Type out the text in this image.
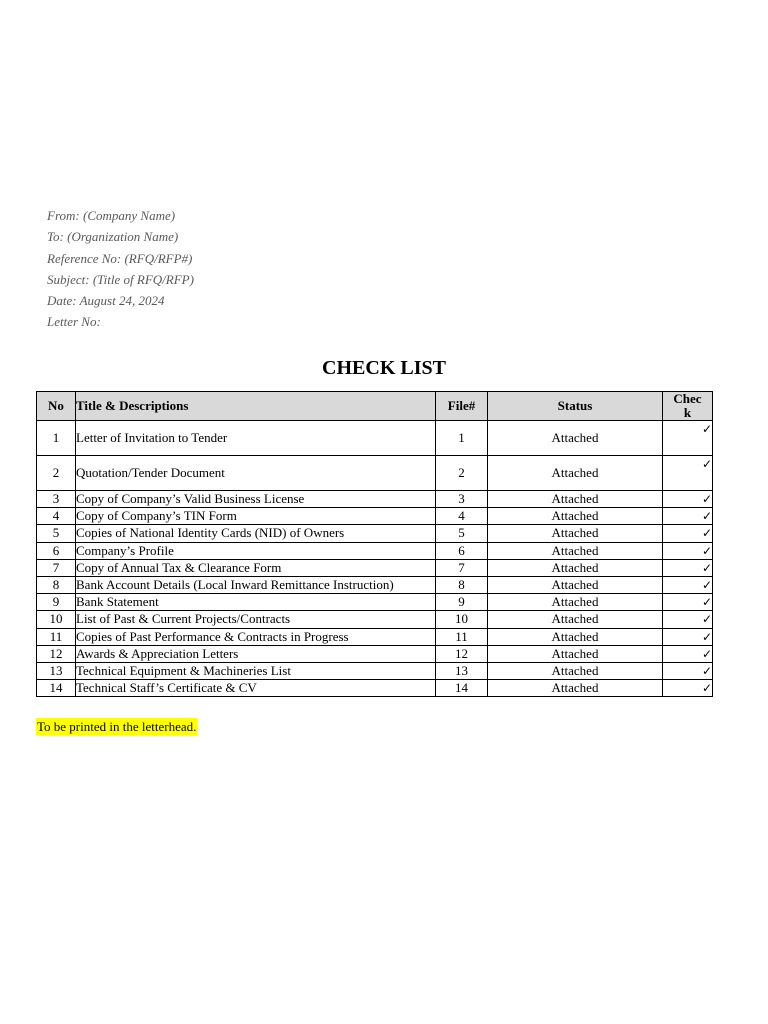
From: (Company Name)
To: (Organization Name)
Reference No: (RFQ/RFP#)
Subject: (Title of RFQ/RFP)
Date: August 24, 2024
Letter No:
CHECK LIST
No	Title & Descriptions	File#	Status	Check
1	Letter of Invitation to Tender	1	Attached	✓
2	Quotation/Tender Document	2	Attached	✓
3	Copy of Company’s Valid Business License	3	Attached	✓
4	Copy of Company’s TIN Form	4	Attached	✓
5	Copies of National Identity Cards (NID) of Owners	5	Attached	✓
6	Company’s Profile	6	Attached	✓
7	Copy of Annual Tax & Clearance Form	7	Attached	✓
8	Bank Account Details (Local Inward Remittance Instruction)	8	Attached	✓
9	Bank Statement	9	Attached	✓
10	List of Past & Current Projects/Contracts	10	Attached	✓
11	Copies of Past Performance & Contracts in Progress	11	Attached	✓
12	Awards & Appreciation Letters	12	Attached	✓
13	Technical Equipment & Machineries List	13	Attached	✓
14	Technical Staff’s Certificate & CV	14	Attached	✓
To be printed in the letterhead.
